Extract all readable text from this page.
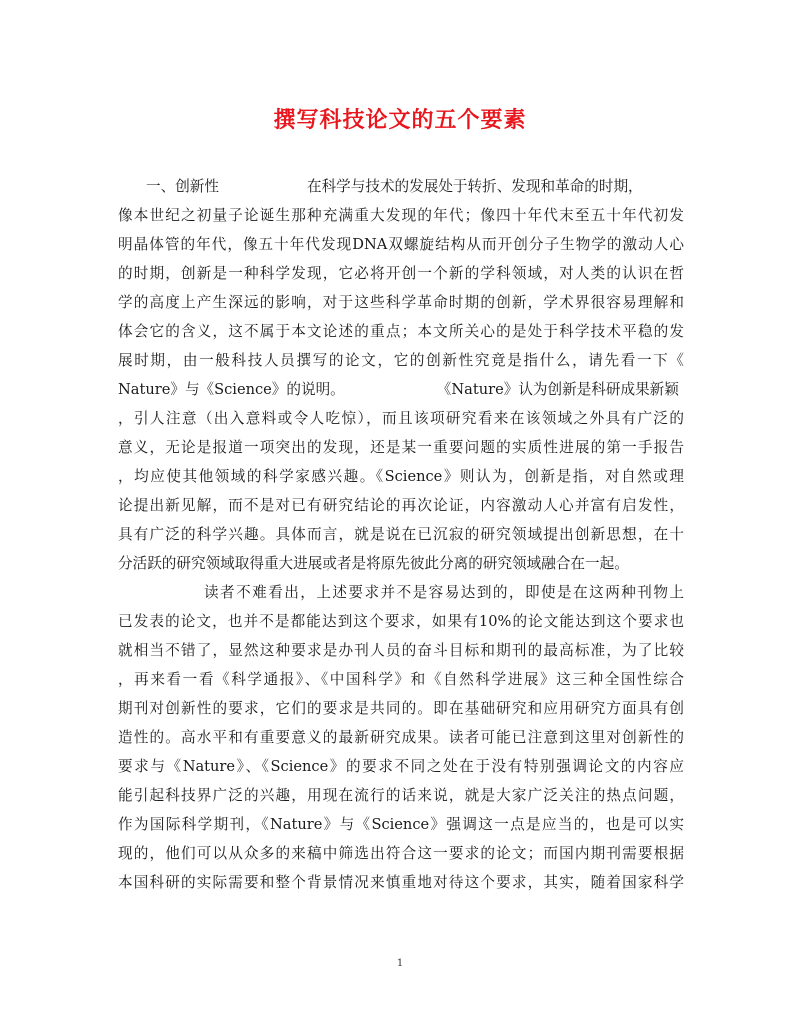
撰写科技论文的五个要素
一、创新性	在科学与技术的发展处于转折、发现和革命的时期，
像本世纪之初量子论诞生那种充满重大发现的年代；像四十年代末至五十年代初发
明晶体管的年代，像五十年代发现DNA双螺旋结构从而开创分子生物学的激动人心
的时期，创新是一种科学发现，它必将开创一个新的学科领域，对人类的认识在哲
学的高度上产生深远的影响，对于这些科学革命时期的创新，学术界很容易理解和
体会它的含义，这不属于本文论述的重点；本文所关心的是处于科学技术平稳的发
展时期，由一般科技人员撰写的论文，它的创新性究竟是指什么，请先看一下《
Nature》与《Science》的说明。	《Nature》认为创新是科研成果新颖
，引人注意（出入意料或令人吃惊），而且该项研究看来在该领域之外具有广泛的
意义，无论是报道一项突出的发现，还是某一重要问题的实质性进展的第一手报告
，均应使其他领域的科学家感兴趣。《Science》则认为，创新是指，对自然或理
论提出新见解，而不是对已有研究结论的再次论证，内容激动人心并富有启发性，
具有广泛的科学兴趣。具体而言，就是说在已沉寂的研究领域提出创新思想，在十
分活跃的研究领域取得重大进展或者是将原先彼此分离的研究领域融合在一起。
读者不难看出，上述要求并不是容易达到的，即使是在这两种刊物上
已发表的论文，也并不是都能达到这个要求，如果有10%的论文能达到这个要求也
就相当不错了，显然这种要求是办刊人员的奋斗目标和期刊的最高标准，为了比较
，再来看一看《科学通报》、《中国科学》和《自然科学进展》这三种全国性综合
期刊对创新性的要求，它们的要求是共同的。即在基础研究和应用研究方面具有创
造性的。高水平和有重要意义的最新研究成果。读者可能已注意到这里对创新性的
要求与《Nature》、《Science》的要求不同之处在于没有特别强调论文的内容应
能引起科技界广泛的兴趣，用现在流行的话来说，就是大家广泛关注的热点问题，
作为国际科学期刊，《Nature》与《Science》强调这一点是应当的，也是可以实
现的，他们可以从众多的来稿中筛选出符合这一要求的论文；而国内期刊需要根据
本国科研的实际需要和整个背景情况来慎重地对待这个要求，其实，随着国家科学
1
